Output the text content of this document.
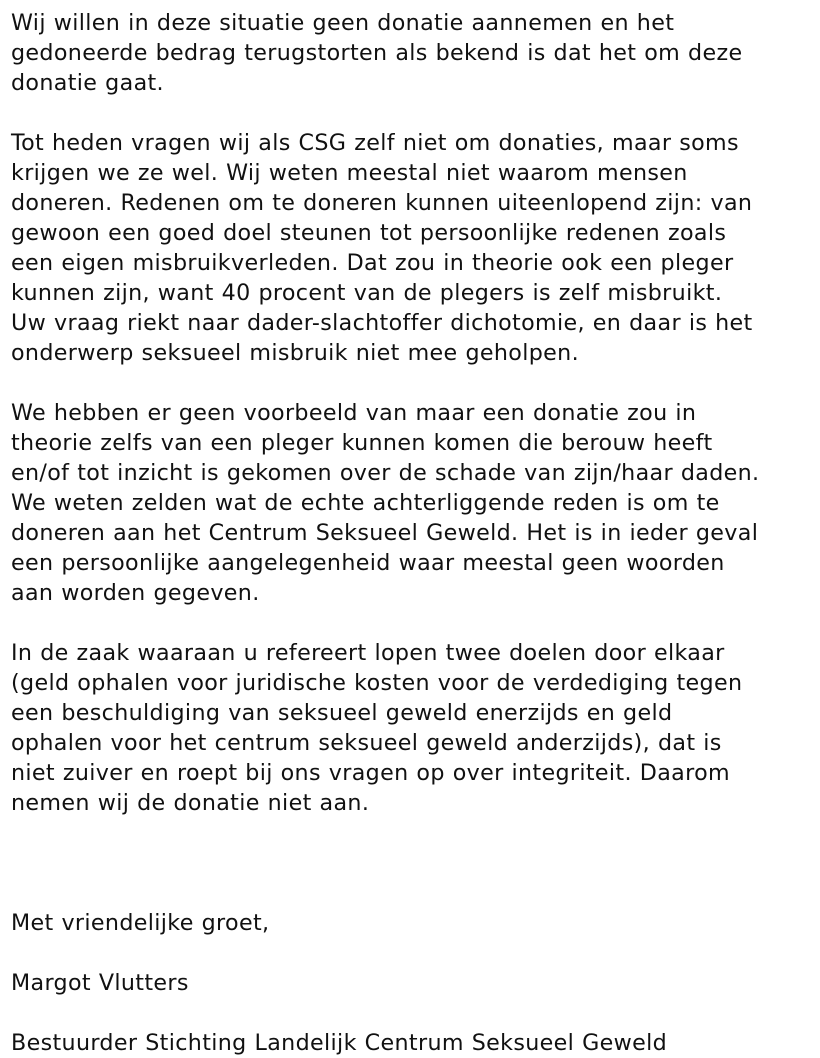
Wij willen in deze situatie geen donatie aannemen en het
gedoneerde bedrag terugstorten als bekend is dat het om deze
donatie gaat.
Tot heden vragen wij als CSG zelf niet om donaties, maar soms
krijgen we ze wel. Wij weten meestal niet waarom mensen
doneren. Redenen om te doneren kunnen uiteenlopend zijn: van
gewoon een goed doel steunen tot persoonlijke redenen zoals
een eigen misbruikverleden. Dat zou in theorie ook een pleger
kunnen zijn, want 40 procent van de plegers is zelf misbruikt.
Uw vraag riekt naar dader-slachtoffer dichotomie, en daar is het
onderwerp seksueel misbruik niet mee geholpen.
We hebben er geen voorbeeld van maar een donatie zou in
theorie zelfs van een pleger kunnen komen die berouw heeft
en/of tot inzicht is gekomen over de schade van zijn/haar daden.
We weten zelden wat de echte achterliggende reden is om te
doneren aan het Centrum Seksueel Geweld. Het is in ieder geval
een persoonlijke aangelegenheid waar meestal geen woorden
aan worden gegeven.
In de zaak waaraan u refereert lopen twee doelen door elkaar
(geld ophalen voor juridische kosten voor de verdediging tegen
een beschuldiging van seksueel geweld enerzijds en geld
ophalen voor het centrum seksueel geweld anderzijds), dat is
niet zuiver en roept bij ons vragen op over integriteit. Daarom
nemen wij de donatie niet aan.
Met vriendelijke groet,
Margot Vlutters
Bestuurder Stichting Landelijk Centrum Seksueel Geweld
